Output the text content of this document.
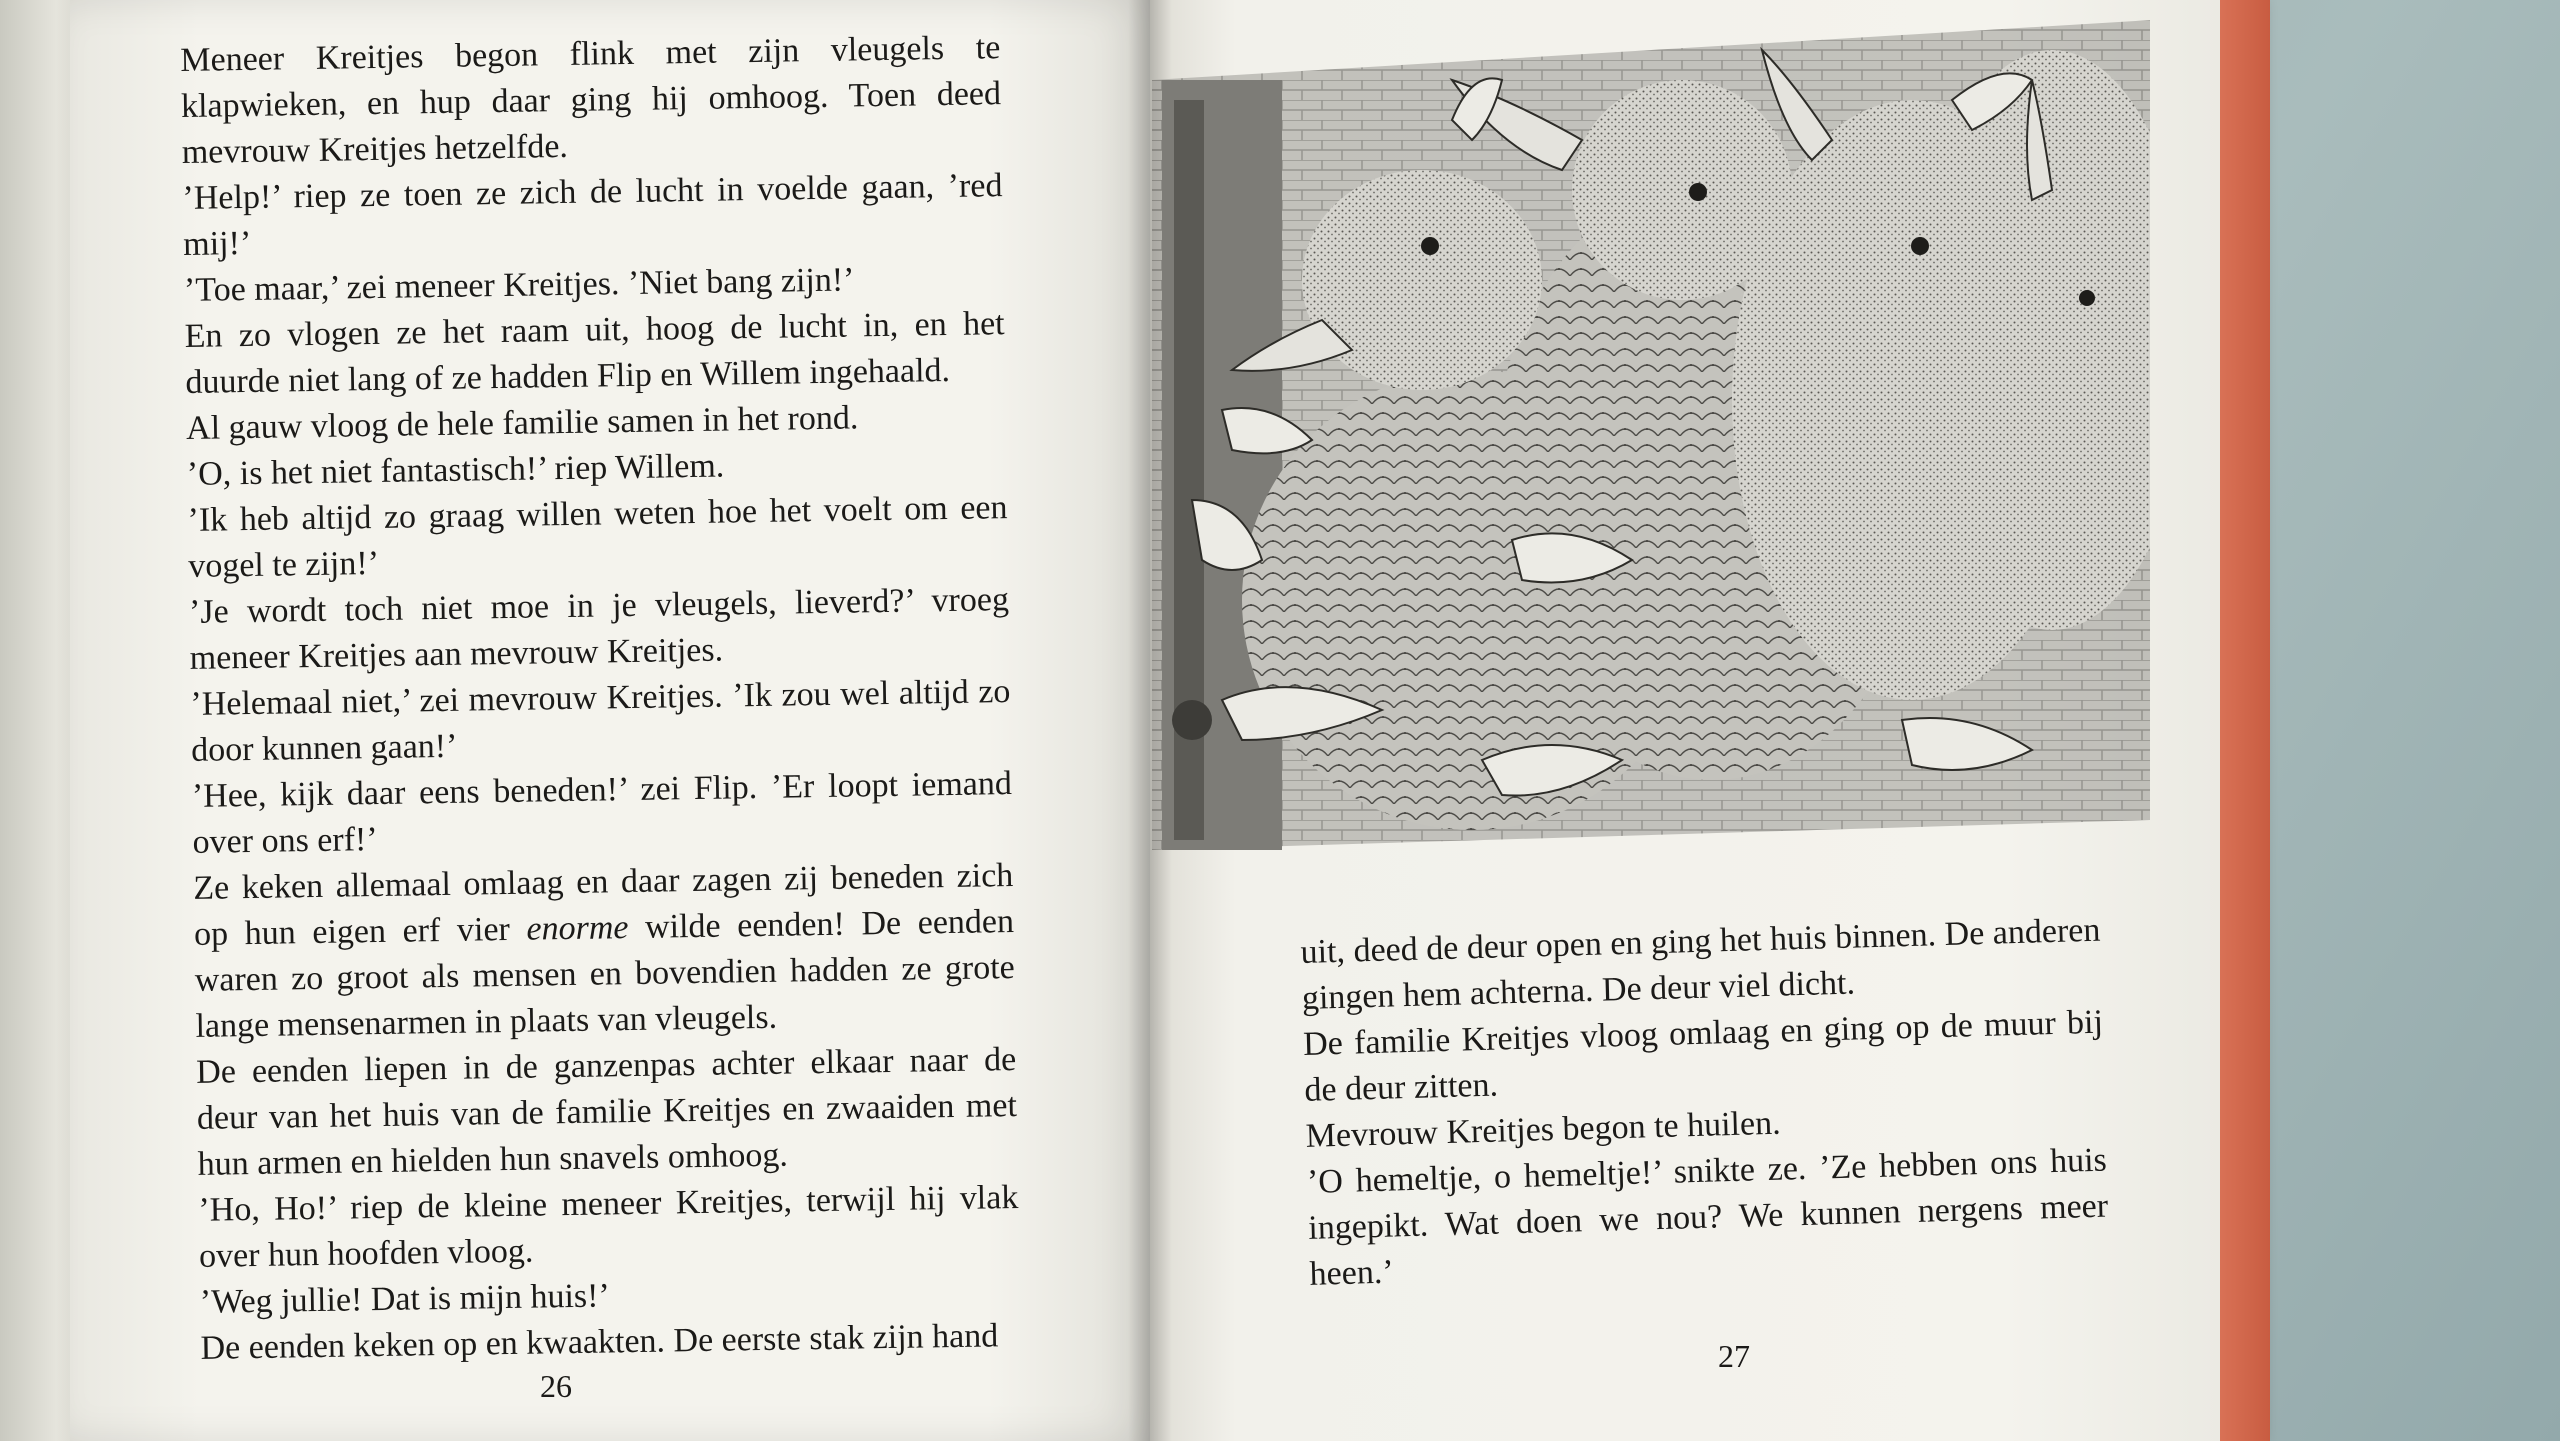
Meneer Kreitjes begon flink met zijn vleugels te klapwieken, en hup daar ging hij omhoog. Toen deed mevrouw Kreitjes hetzelfde.

’Help!’ riep ze toen ze zich de lucht in voelde gaan, ’red mij!’

’Toe maar,’ zei meneer Kreitjes. ’Niet bang zijn!’

En zo vlogen ze het raam uit, hoog de lucht in, en het duurde niet lang of ze hadden Flip en Willem ingehaald.

Al gauw vloog de hele familie samen in het rond.

’O, is het niet fantastisch!’ riep Willem.

’Ik heb altijd zo graag willen weten hoe het voelt om een vogel te zijn!’

’Je wordt toch niet moe in je vleugels, lieverd?’ vroeg meneer Kreitjes aan mevrouw Kreitjes.

’Helemaal niet,’ zei mevrouw Kreitjes. ’Ik zou wel altijd zo door kunnen gaan!’

’Hee, kijk daar eens beneden!’ zei Flip. ’Er loopt iemand over ons erf!’

Ze keken allemaal omlaag en daar zagen zij beneden zich op hun eigen erf vier enorme wilde eenden! De eenden waren zo groot als mensen en bovendien hadden ze grote lange mensenarmen in plaats van vleugels.

De eenden liepen in de ganzenpas achter elkaar naar de deur van het huis van de familie Kreitjes en zwaaiden met hun armen en hielden hun snavels omhoog.

’Ho, Ho!’ riep de kleine meneer Kreitjes, terwijl hij vlak over hun hoofden vloog.

’Weg jullie! Dat is mijn huis!’

De eenden keken op en kwaakten. De eerste stak zijn hand

26

uit, deed de deur open en ging het huis binnen. De anderen gingen hem achterna. De deur viel dicht.

De familie Kreitjes vloog omlaag en ging op de muur bij de deur zitten.

Mevrouw Kreitjes begon te huilen.

’O hemeltje, o hemeltje!’ snikte ze. ’Ze hebben ons huis ingepikt. Wat doen we nou? We kunnen nergens meer heen.’

27
